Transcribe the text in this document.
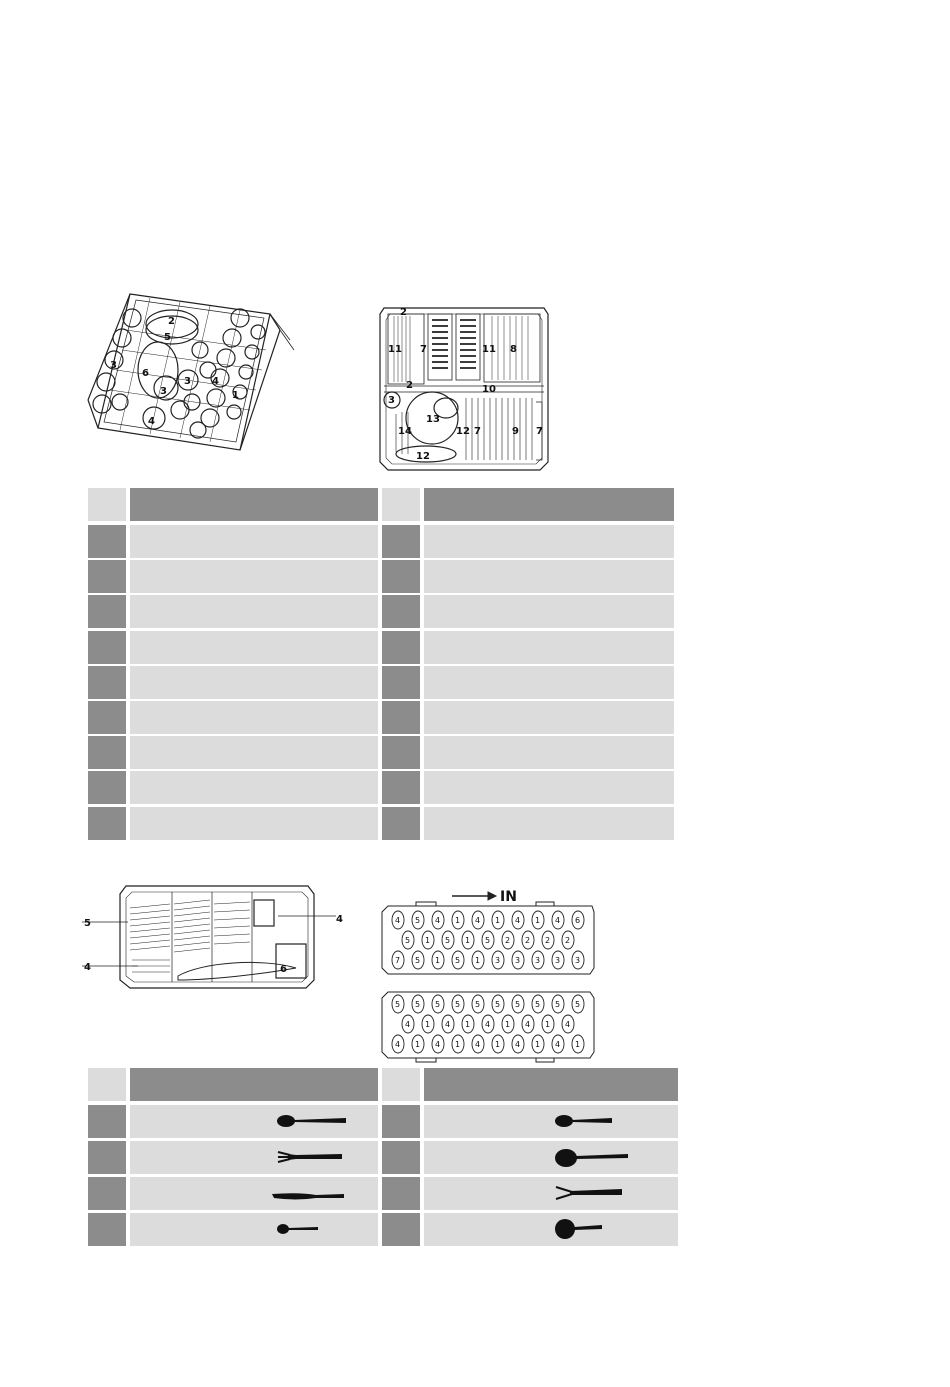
1
2
3
3
3 4
4
5
6
2
7
11	11 8
2	10
3
13
14	12 7	9 7
12
5
4
4
6
IN
4 5 4 1 4 1 4 1 4 6
5 1 5 1 5 2 2 2 2
7 5 1 5 1 3 3 3 3 3
5 5 5 5 5 5 5 5 5 5
4 1 4 1 4 1 4 1 4
4 1 4 1 4 1 4 1 4 1
